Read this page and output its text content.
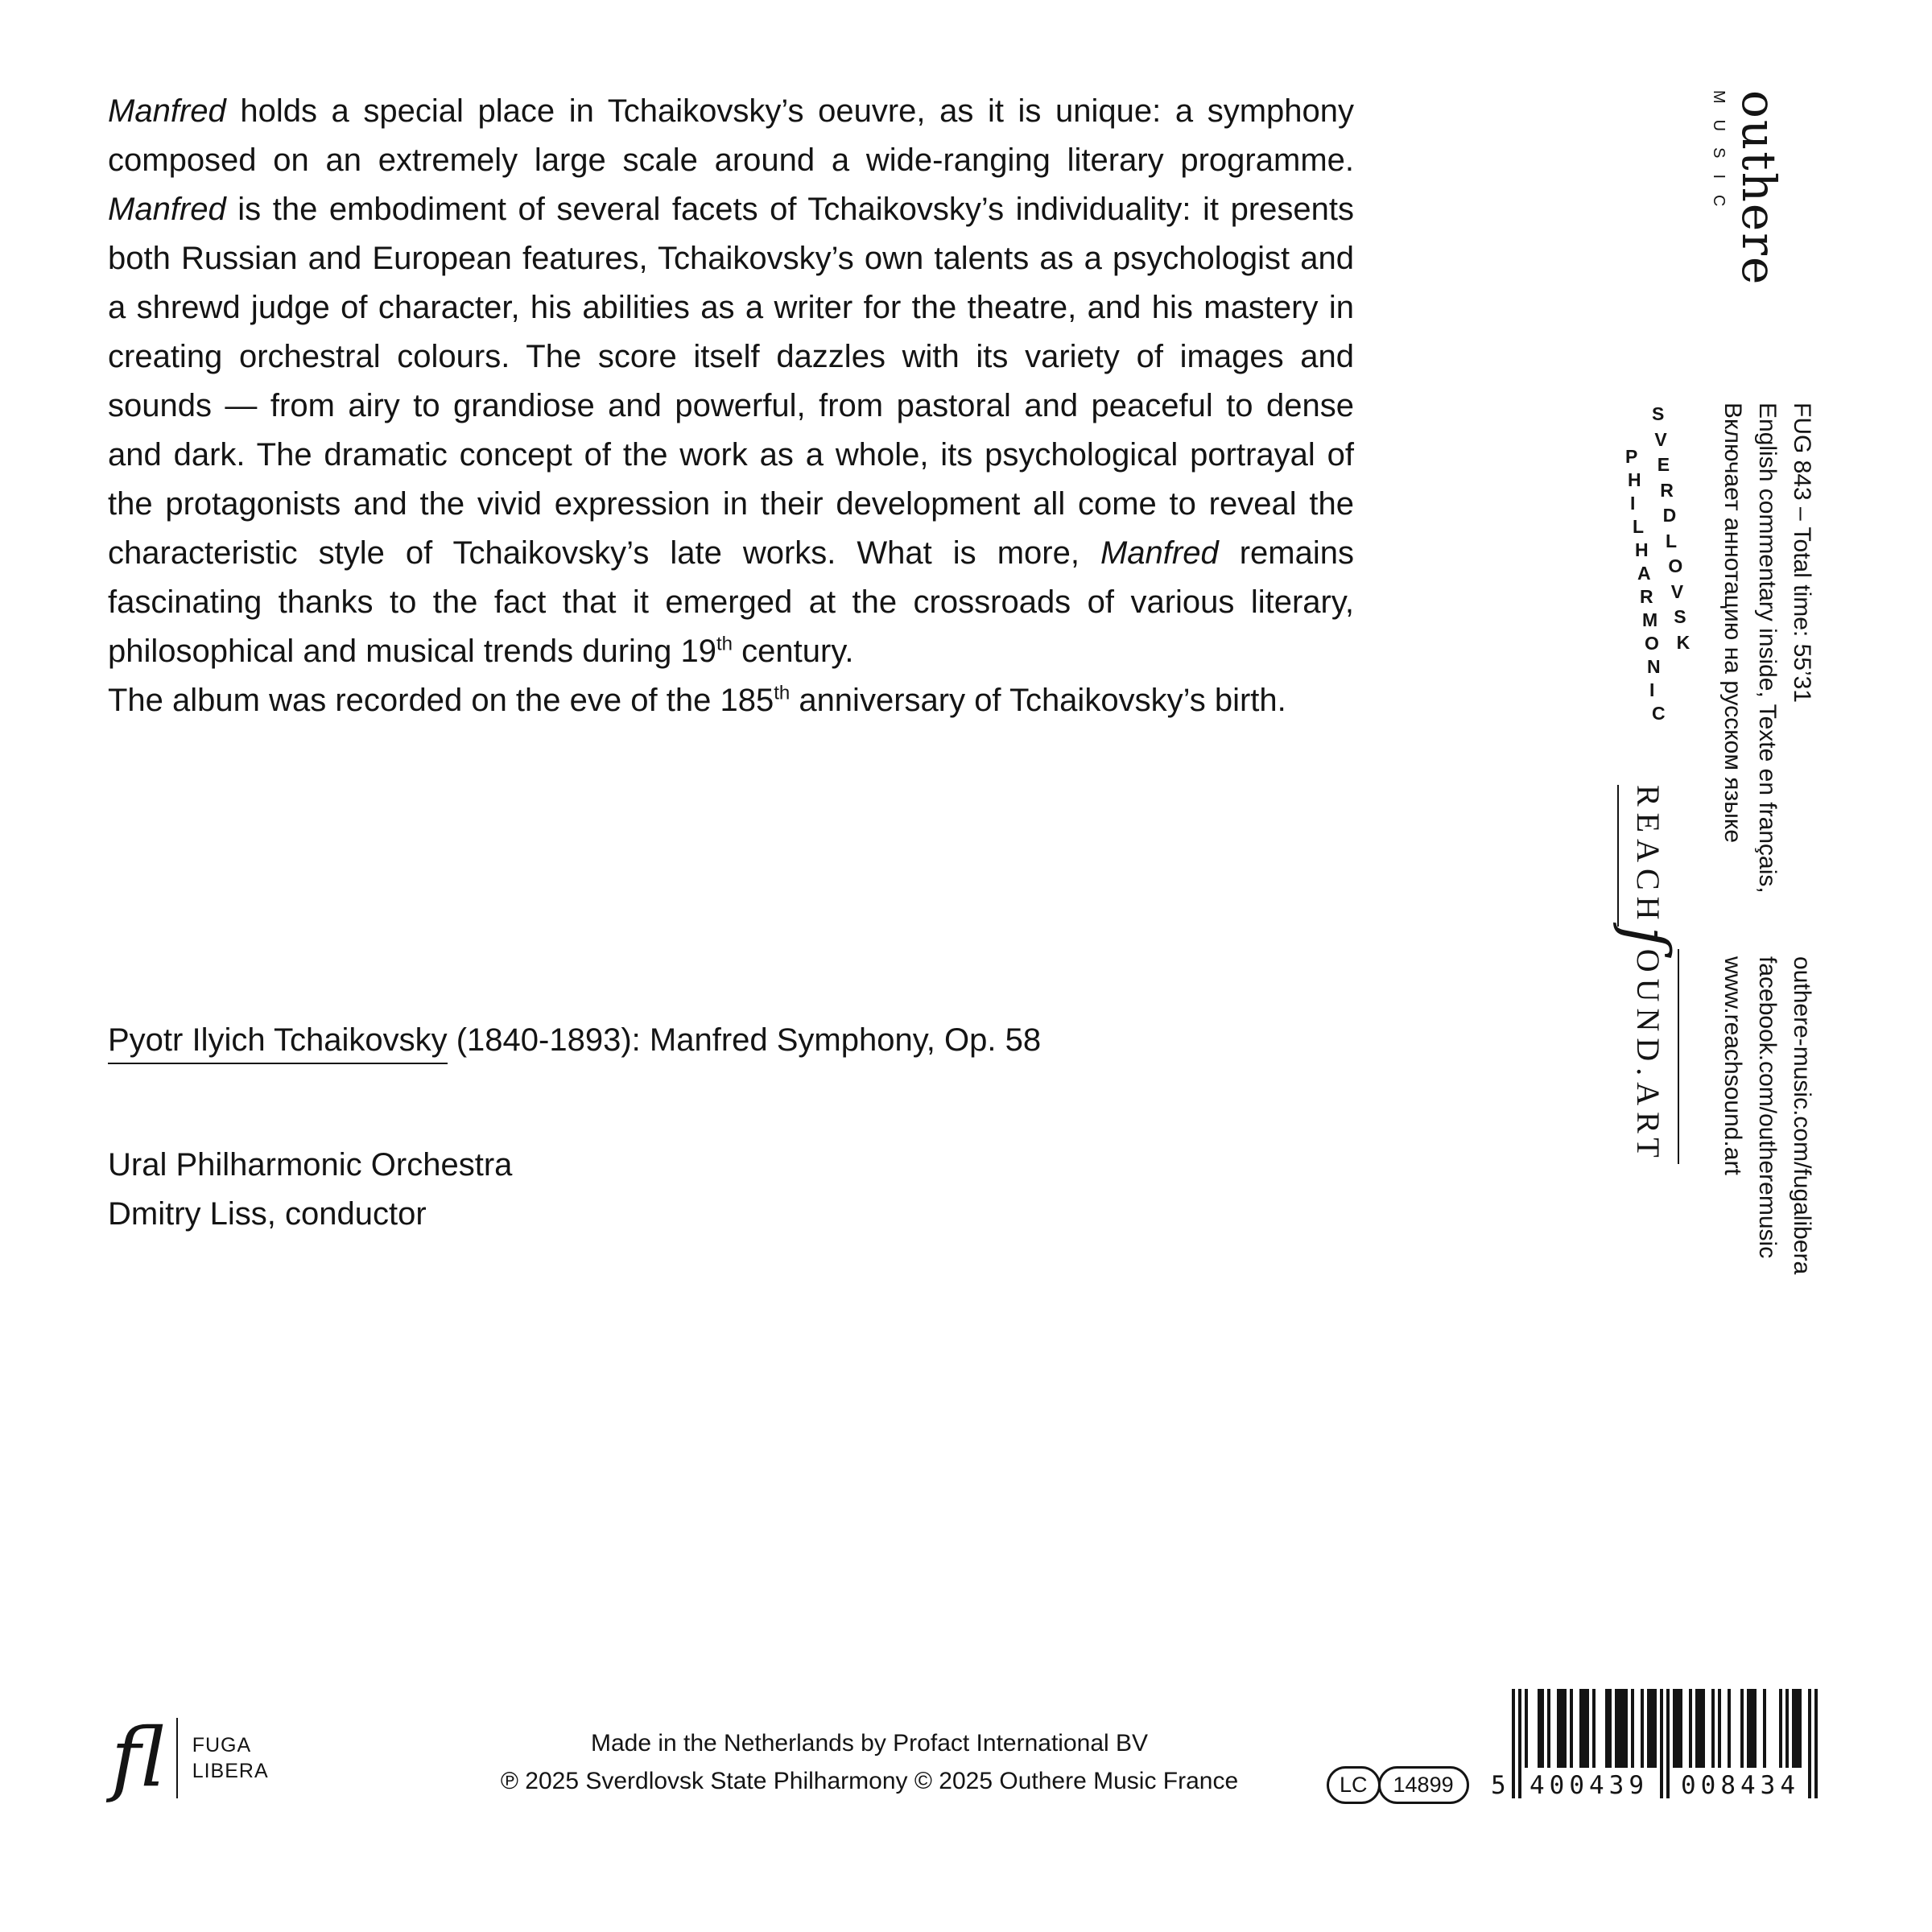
Manfred holds a special place in Tchaikovsky’s oeuvre, as it is unique: a symphony composed on an extremely large scale around a wide-ranging literary programme. Manfred is the embodiment of several facets of Tchaikovsky’s individuality: it presents both Russian and European features, Tchaikovsky’s own talents as a psychologist and a shrewd judge of character, his abilities as a writer for the theatre, and his mastery in creating orchestral colours. The score itself dazzles with its variety of images and sounds — from airy to grandiose and powerful, from pastoral and peaceful to dense and dark. The dramatic concept of the work as a whole, its psychological portrayal of the protagonists and the vivid expression in their development all come to reveal the characteristic style of Tchaikovsky’s late works. What is more, Manfred remains fascinating thanks to the fact that it emerged at the crossroads of various literary, philosophical and musical trends during 19th century.

The album was recorded on the eve of the 185th anniversary of Tchaikovsky’s birth.

Pyotr Ilyich Tchaikovsky (1840-1893): Manfred Symphony, Op. 58

Ural Philharmonic Orchestra

Dmitry Liss, conductor

outhere
MUSIC
S
V
E
R
D
L
O
V
S
K
P
H
I
L
H
A
R
M
O
N
I
C
REACHſOUND.ART
FUG 843 – Total time: 55’31
English commentary inside, Texte en français,
Включает аннотацию на русском языке
outhere-music.com/fugalibera
facebook.com/outheremusic
www.reachsound.art
fl FUGA
LIBERA
Made in the Netherlands by Profact International BV
℗ 2025 Sverdlovsk State Philharmony © 2025 Outhere Music France	LC	14899	5 400439	008434
